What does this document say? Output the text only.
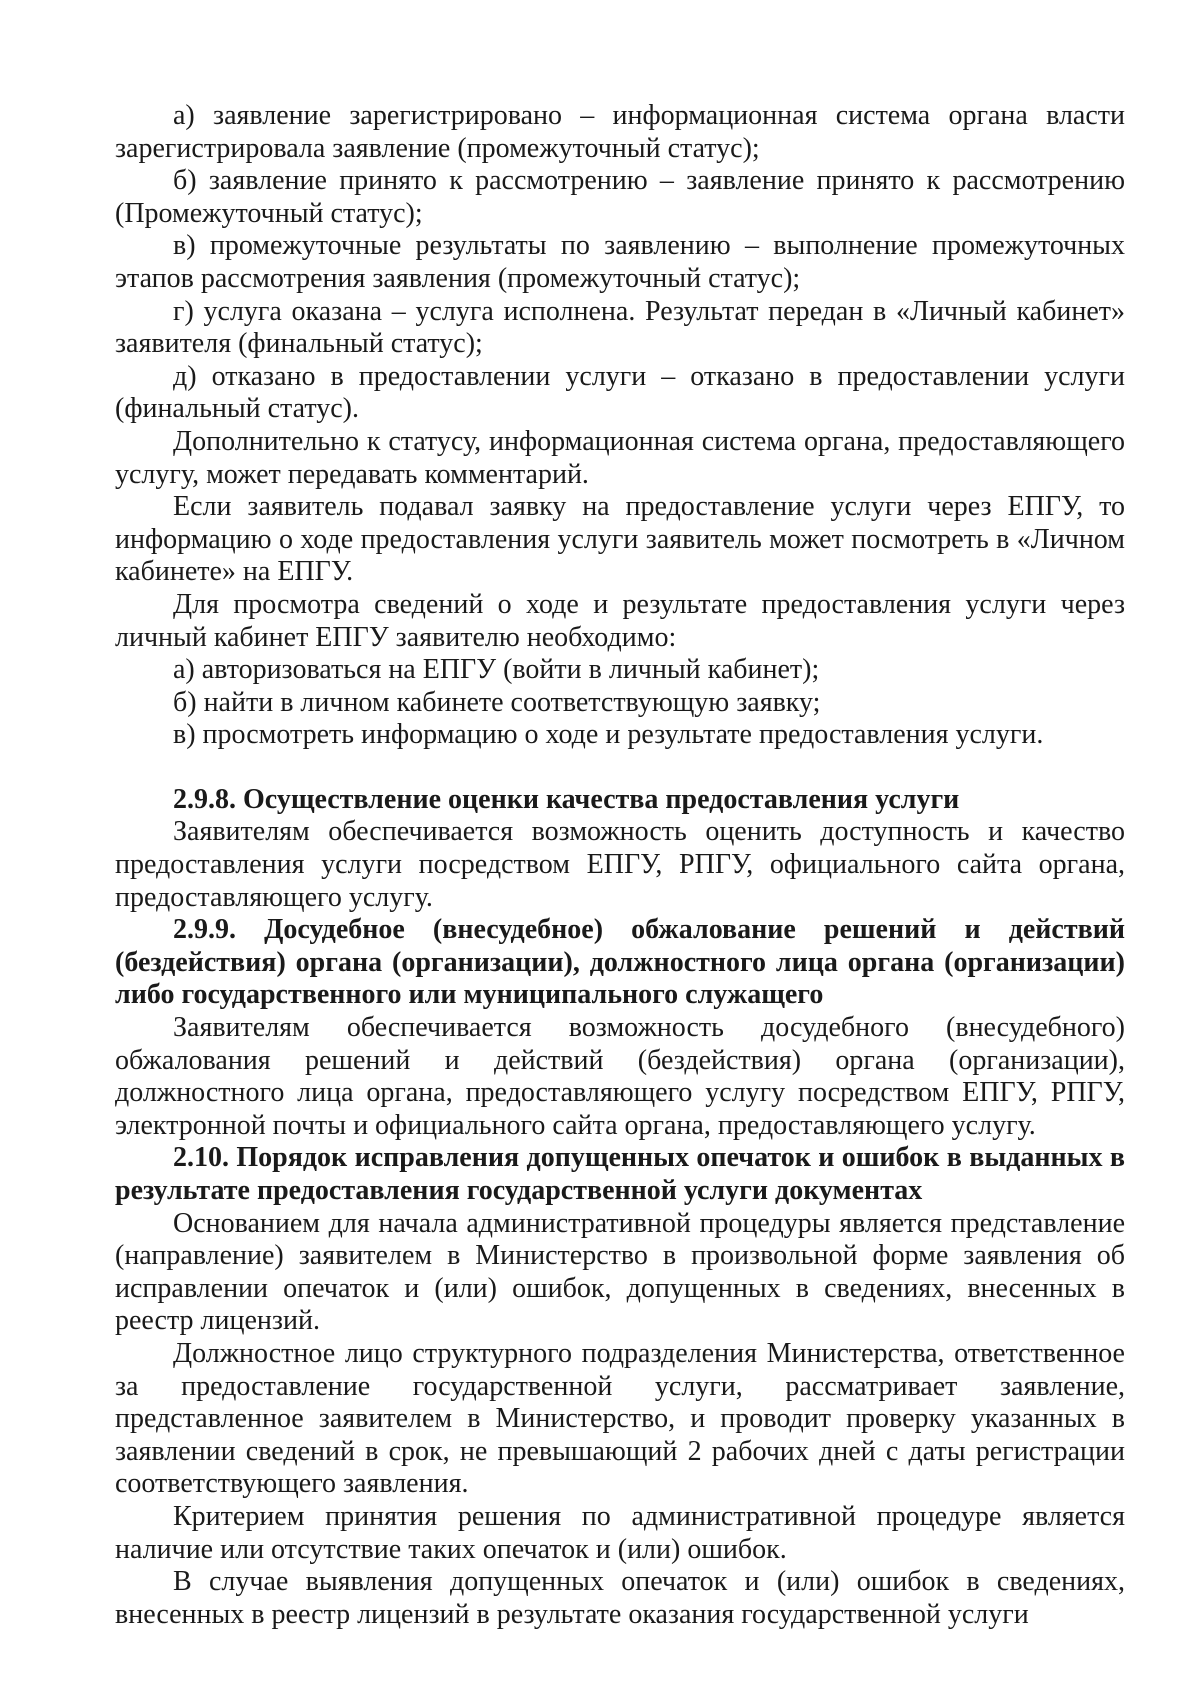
а) заявление зарегистрировано – информационная система органа власти зарегистрировала заявление (промежуточный статус);

б) заявление принято к рассмотрению – заявление принято к рассмотрению (Промежуточный статус);

в) промежуточные результаты по заявлению – выполнение промежуточных этапов рассмотрения заявления (промежуточный статус);

г) услуга оказана – услуга исполнена. Результат передан в «Личный кабинет» заявителя (финальный статус);

д) отказано в предоставлении услуги – отказано в предоставлении услуги (финальный статус).

Дополнительно к статусу, информационная система органа, предоставляющего услугу, может передавать комментарий.

Если заявитель подавал заявку на предоставление услуги через ЕПГУ, то информацию о ходе предоставления услуги заявитель может посмотреть в «Личном кабинете» на ЕПГУ.

Для просмотра сведений о ходе и результате предоставления услуги через личный кабинет ЕПГУ заявителю необходимо:

а) авторизоваться на ЕПГУ (войти в личный кабинет);

б) найти в личном кабинете соответствующую заявку;

в) просмотреть информацию о ходе и результате предоставления услуги.

2.9.8. Осуществление оценки качества предоставления услуги

Заявителям обеспечивается возможность оценить доступность и качество предоставления услуги посредством ЕПГУ, РПГУ, официального сайта органа, предоставляющего услугу.

2.9.9. Досудебное (внесудебное) обжалование решений и действий (бездействия) органа (организации), должностного лица органа (организации) либо государственного или муниципального служащего

Заявителям обеспечивается возможность досудебного (внесудебного) обжалования решений и действий (бездействия) органа (организации), должностного лица органа, предоставляющего услугу посредством ЕПГУ, РПГУ, электронной почты и официального сайта органа, предоставляющего услугу.

2.10. Порядок исправления допущенных опечаток и ошибок в выданных в результате предоставления государственной услуги документах

Основанием для начала административной процедуры является представление (направление) заявителем в Министерство в произвольной форме заявления об исправлении опечаток и (или) ошибок, допущенных в сведениях, внесенных в реестр лицензий.

Должностное лицо структурного подразделения Министерства, ответственное за предоставление государственной услуги, рассматривает заявление, представленное заявителем в Министерство, и проводит проверку указанных в заявлении сведений в срок, не превышающий 2 рабочих дней с даты регистрации соответствующего заявления.

Критерием принятия решения по административной процедуре является наличие или отсутствие таких опечаток и (или) ошибок.

В случае выявления допущенных опечаток и (или) ошибок в сведениях, внесенных в реестр лицензий в результате оказания государственной услуги
